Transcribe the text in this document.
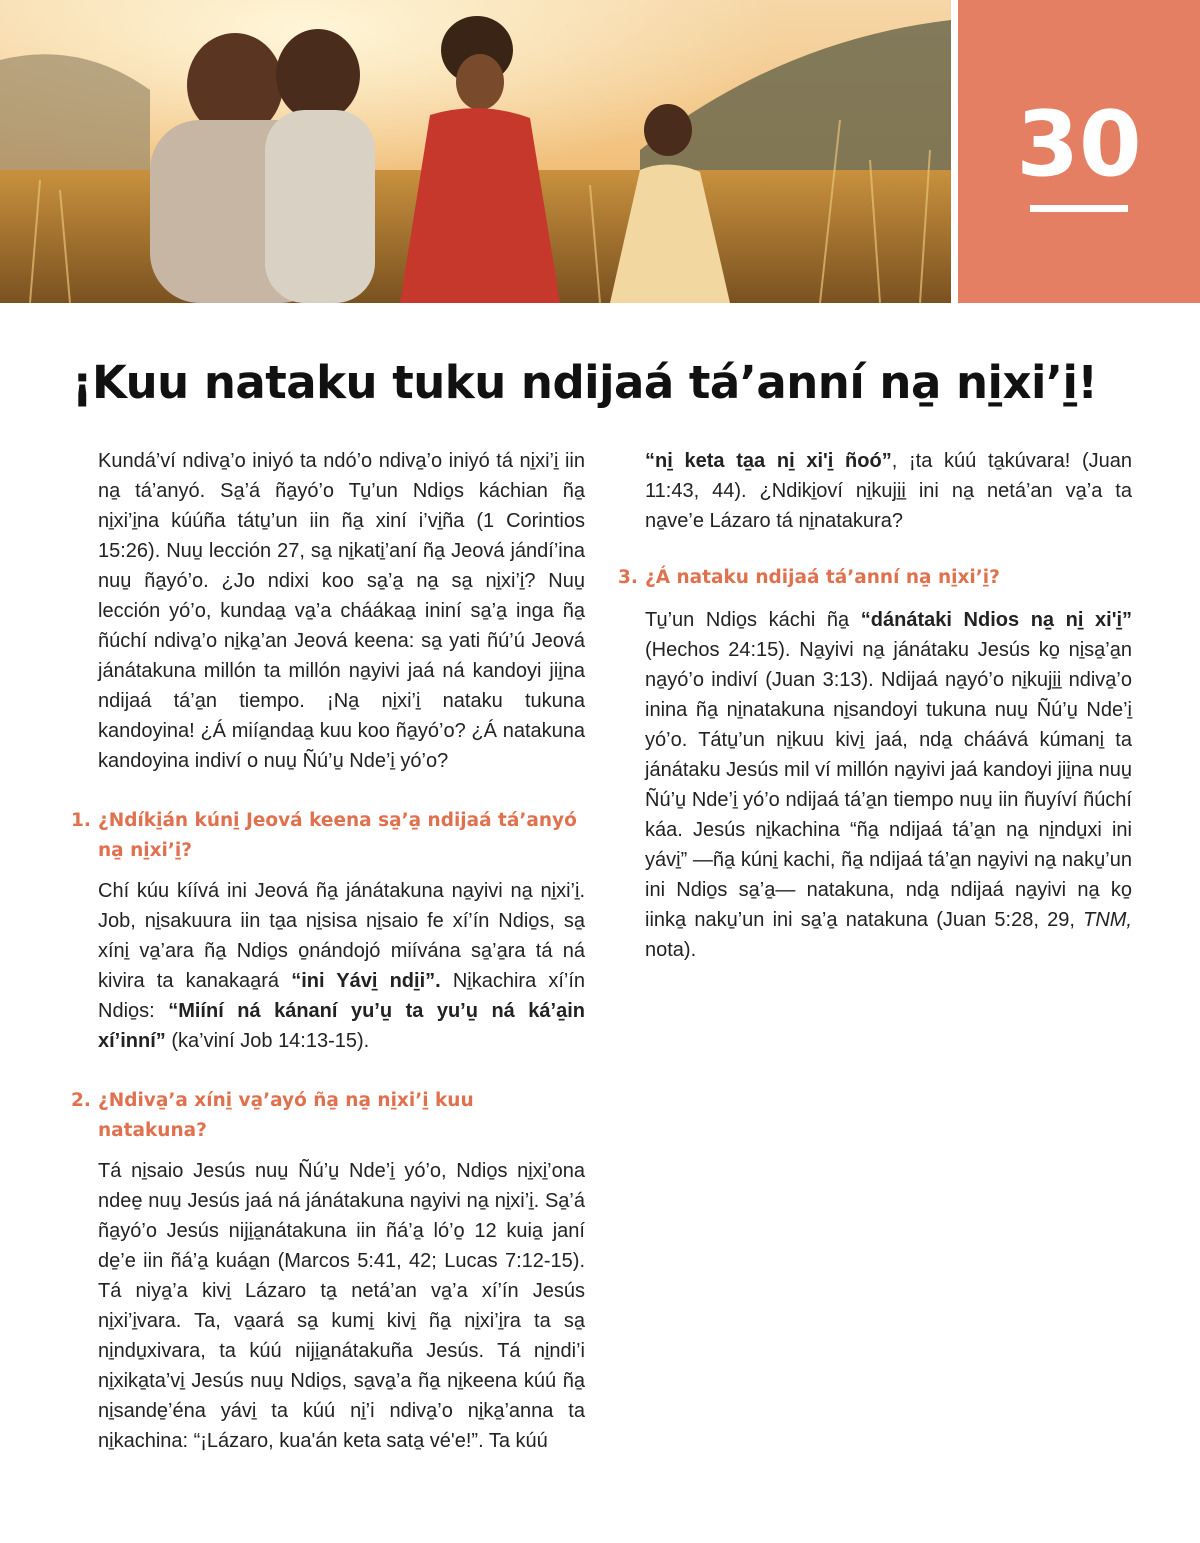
30
¡Kuu nataku tuku ndijaá tá’anní na̱ ni̱xi’i̱!

Kundá’ví ndiva̱’o iniyó ta ndó’o ndiva̱’o iniyó tá ni̱xi’i̱ iin na̱ tá’anyó. Sa̱’á ña̱yó’o Tu̱’un Ndio̱s káchian ña̱ ni̱xi’i̱na kúúña tátu̱’un iin ña̱ xiní i’vi̱ña (1 Corintios 15:26). Nuu̱ lección 27, sa̱ ni̱kati̱’aní ña̱ Jeová jándí’ina nuu̱ ña̱yó’o. ¿Jo ndixi koo sa̱’a̱ na̱ sa̱ ni̱xi’i̱? Nuu̱ lección yó’o, kundaa̱ va̱’a cháákaa̱ ininí sa̱’a̱ inga ña̱ ñúchí ndiva̱’o ni̱ka̱’an Jeová keena: sa̱ yati ñú’ú Jeová jánátakuna millón ta millón na̱yivi jaá ná kandoyi jii̱na ndijaá tá’a̱n tiempo. ¡Na̱ ni̱xi’i̱ nataku tukuna kandoyina! ¿Á miía̱ndaa̱ kuu koo ña̱yó’o? ¿Á natakuna kandoyina indiví o nuu̱ Ñú’u̱ Nde’i̱ yó’o?

1. ¿Ndíki̱án kúni̱ Jeová keena sa̱’a̱ ndijaá tá’anyó na̱ ni̱xi’i̱?

Chí kúu kíívá ini Jeová ña̱ jánátakuna na̱yivi na̱ ni̱xi’i̱. Job, ni̱sakuura iin ta̱a ni̱sisa ni̱saio fe xí’ín Ndio̱s, sa̱ xíni̱ va̱’ara ña̱ Ndio̱s o̱nándojó miívána sa̱’a̱ra tá ná kivira ta kanakaa̱rá “ini Yávi̱ ndi̱i”. Ni̱kachira xí’ín Ndio̱s: “Miíní ná kánaní yu’u̱ ta yu’u̱ ná ká’a̱in xí’inní” (ka’viní Job 14:13-15).

2. ¿Ndiva̱’a xíni̱ va̱’ayó ña̱ na̱ ni̱xi’i̱ kuu natakuna?

Tá ni̱saio Jesús nuu̱ Ñú’u̱ Nde’i̱ yó’o, Ndio̱s ni̱xi̱’ona ndee̱ nuu̱ Jesús jaá ná jánátakuna na̱yivi na̱ ni̱xi’i̱. Sa̱’á ña̱yó’o Jesús niji̱a̱nátakuna iin ñá’a̱ ló’o̱ 12 kuia̱ janí de̱’e iin ñá’a̱ kuáa̱n (Marcos 5:41, 42; Lucas 7:12-15). Tá niya̱’a kivi̱ Lázaro ta̱ netá’an va̱’a xí’ín Jesús ni̱xi’i̱vara. Ta, va̱ará sa̱ kumi̱ kivi̱ ña̱ ni̱xi’i̱ra ta sa̱ ni̱ndu̱xivara, ta kúú niji̱a̱nátakuña Jesús. Tá ni̱ndi’i ni̱xika̱ta’vi̱ Jesús nuu̱ Ndio̱s, sa̱va̱’a ña̱ ni̱keena kúú ña̱ ni̱sande̱’éna yávi̱ ta kúú ni̱’i ndiva̱’o ni̱ka̱’anna ta ni̱kachina: “¡Lázaro, kua'án keta sata̱ vé'e!”. Ta kúú

“ni̱ keta ta̱a ni̱ xi'i̱ ñoó”, ¡ta kúú ta̱kúvara! (Juan 11:43, 44). ¿Ndiki̱oví ni̱kuji̱i̱ ini na̱ netá’an va̱’a ta na̱ve’e Lázaro tá ni̱natakura?

3. ¿Á nataku ndijaá tá’anní na̱ ni̱xi’i̱?

Tu̱’un Ndio̱s káchi ña̱ “dánátaki Ndios na̱ ni̱ xi'i̱” (Hechos 24:15). Na̱yivi na̱ jánátaku Jesús ko̱ ni̱sa̱’a̱n na̱yó’o indiví (Juan 3:13). Ndijaá na̱yó’o ni̱kuji̱i̱ ndiva̱’o inina ña̱ ni̱natakuna ni̱sandoyi tukuna nuu̱ Ñú’u̱ Nde’i̱ yó’o. Tátu̱’un ni̱kuu kivi̱ jaá, nda̱ cháává kúmani̱ ta jánátaku Jesús mil ví millón na̱yivi jaá kandoyi jii̱na nuu̱ Ñú’u̱ Nde’i̱ yó’o ndijaá tá’a̱n tiempo nuu̱ iin ñuyíví ñúchí káa. Jesús ni̱kachina “ña̱ ndijaá tá’a̱n na̱ ni̱ndu̱xi ini yávi̱” —ña̱ kúni̱ kachi, ña̱ ndijaá tá’a̱n na̱yivi na̱ naku̱’un ini Ndio̱s sa̱’a̱— natakuna, nda̱ ndijaá na̱yivi na̱ ko̱ iinka̱ naku̱’un ini sa̱’a̱ natakuna (Juan 5:28, 29, TNM, nota).
